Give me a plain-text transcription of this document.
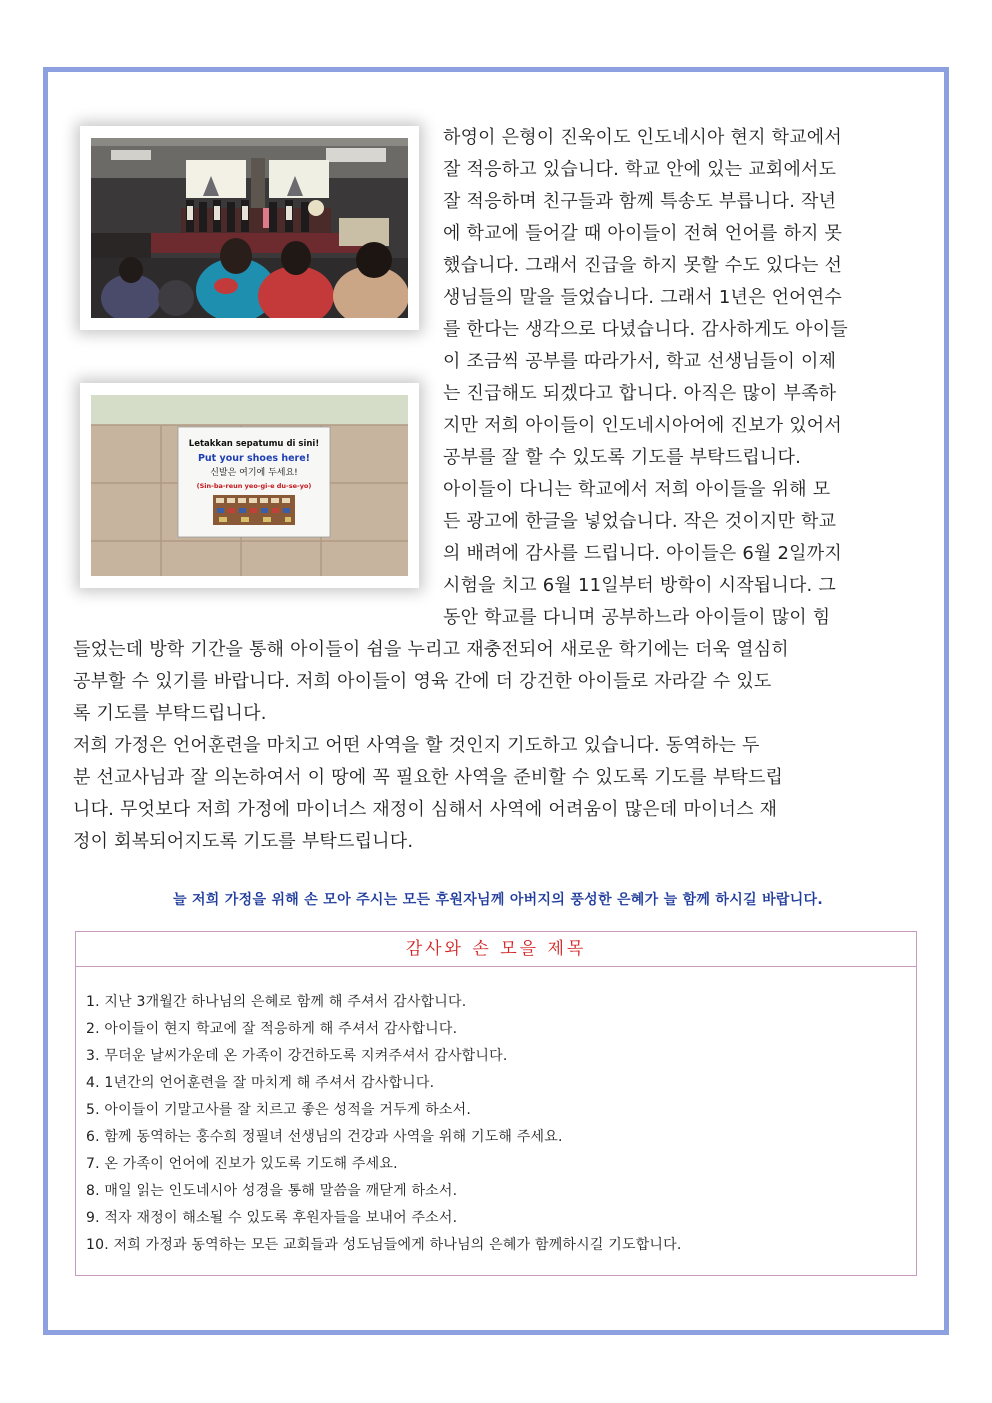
Letakkan sepatumu di sini!
Put your shoes here!
신발은 여기에 두세요!
(Sin-ba-reun yeo-gi-e du-se-yo)
하영이 은형이 진욱이도 인도네시아 현지 학교에서
잘 적응하고 있습니다. 학교 안에 있는 교회에서도
잘 적응하며 친구들과 함께 특송도 부릅니다. 작년
에 학교에 들어갈 때 아이들이 전혀 언어를 하지 못
했습니다. 그래서 진급을 하지 못할 수도 있다는 선
생님들의 말을 들었습니다. 그래서 1년은 언어연수
를 한다는 생각으로 다녔습니다. 감사하게도 아이들
이 조금씩 공부를 따라가서, 학교 선생님들이 이제
는 진급해도 되겠다고 합니다. 아직은 많이 부족하
지만 저희 아이들이 인도네시아어에 진보가 있어서
공부를 잘 할 수 있도록 기도를 부탁드립니다.
아이들이 다니는 학교에서 저희 아이들을 위해 모
든 광고에 한글을 넣었습니다. 작은 것이지만 학교
의 배려에 감사를 드립니다. 아이들은 6월 2일까지
시험을 치고 6월 11일부터 방학이 시작됩니다. 그
동안 학교를 다니며 공부하느라 아이들이 많이 힘
들었는데 방학 기간을 통해 아이들이 쉼을 누리고 재충전되어 새로운 학기에는 더욱 열심히
공부할 수 있기를 바랍니다. 저희 아이들이 영육 간에 더 강건한 아이들로 자라갈 수 있도
록 기도를 부탁드립니다.
저희 가정은 언어훈련을 마치고 어떤 사역을 할 것인지 기도하고 있습니다. 동역하는 두
분 선교사님과 잘 의논하여서 이 땅에 꼭 필요한 사역을 준비할 수 있도록 기도를 부탁드립
니다. 무엇보다 저희 가정에 마이너스 재정이 심해서 사역에 어려움이 많은데 마이너스 재
정이 회복되어지도록 기도를 부탁드립니다.
늘 저희 가정을 위해 손 모아 주시는 모든 후원자님께 아버지의 풍성한 은혜가 늘 함께 하시길 바랍니다.
감사와 손 모을 제목
1. 지난 3개월간 하나님의 은혜로 함께 해 주셔서 감사합니다.
2. 아이들이 현지 학교에 잘 적응하게 해 주셔서 감사합니다.
3. 무더운 날씨가운데 온 가족이 강건하도록 지켜주셔서 감사합니다.
4. 1년간의 언어훈련을 잘 마치게 해 주셔서 감사합니다.
5. 아이들이 기말고사를 잘 치르고 좋은 성적을 거두게 하소서.
6. 함께 동역하는 홍수희 정필녀 선생님의 건강과 사역을 위해 기도해 주세요.
7. 온 가족이 언어에 진보가 있도록 기도해 주세요.
8. 매일 읽는 인도네시아 성경을 통해 말씀을 깨닫게 하소서.
9. 적자 재정이 해소될 수 있도록 후원자들을 보내어 주소서.
10. 저희 가정과 동역하는 모든 교회들과 성도님들에게 하나님의 은혜가 함께하시길 기도합니다.
